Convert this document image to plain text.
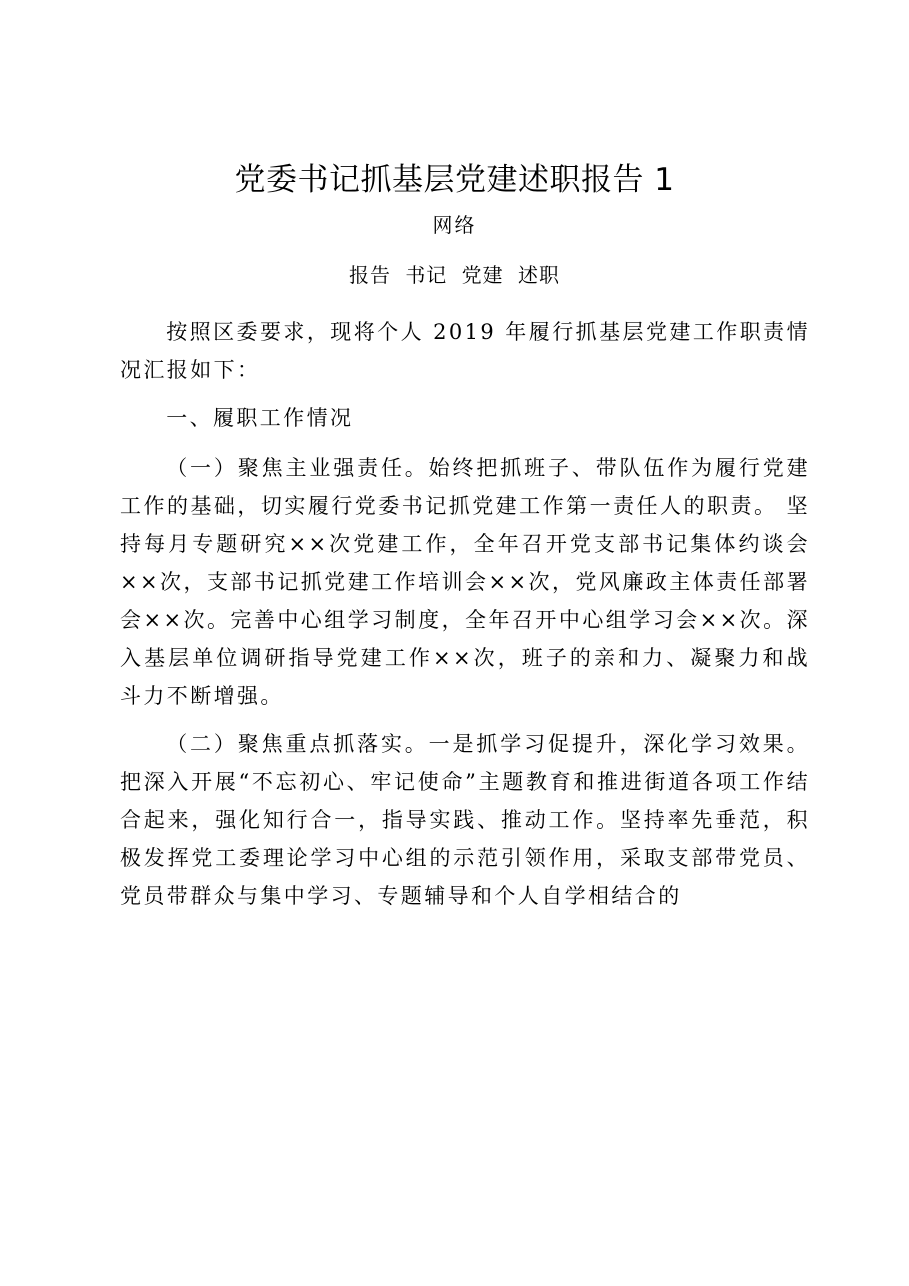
党委书记抓基层党建述职报告 1
网络
报告 书记 党建 述职

按照区委要求，现将个人 2019 年履行抓基层党建工作职责情况汇报如下：

一、履职工作情况

（一）聚焦主业强责任。始终把抓班子、带队伍作为履行党建工作的基础，切实履行党委书记抓党建工作第一责任人的职责。 坚持每月专题研究××次党建工作，全年召开党支部书记集体约谈会××次，支部书记抓党建工作培训会××次，党风廉政主体责任部署会××次。完善中心组学习制度，全年召开中心组学习会××次。深入基层单位调研指导党建工作××次，班子的亲和力、凝聚力和战斗力不断增强。

（二）聚焦重点抓落实。一是抓学习促提升，深化学习效果。 把深入开展“不忘初心、牢记使命”主题教育和推进街道各项工作结合起来，强化知行合一，指导实践、推动工作。坚持率先垂范，积极发挥党工委理论学习中心组的示范引领作用，采取支部带党员、党员带群众与集中学习、专题辅导和个人自学相结合的
